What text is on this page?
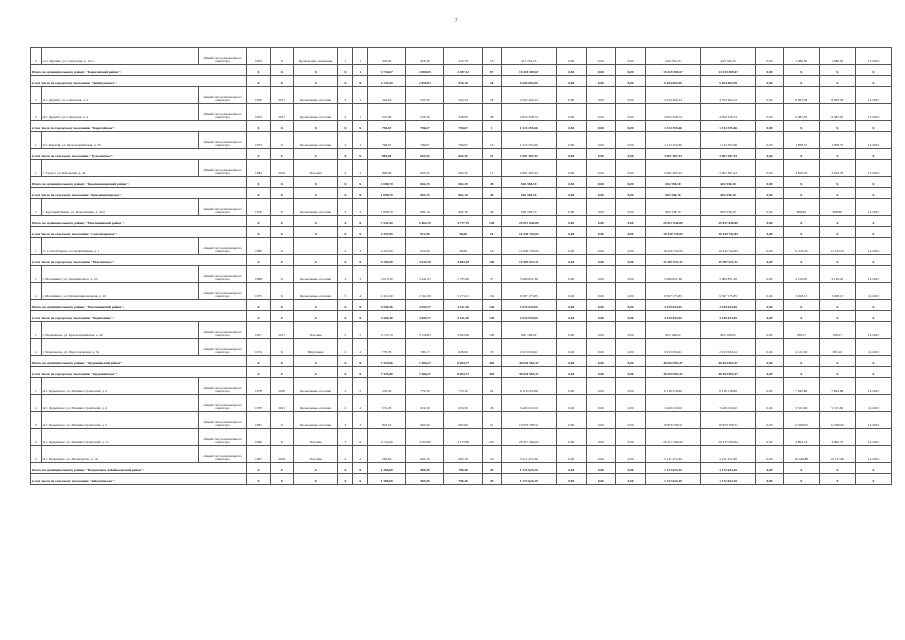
7
2	п.ст. Курашь, ул. Советская, д. 12 а	общий счет регионального оператора	1952	Х	Кровельные, шлаковые	1	1	403,00	418,38	410,78	16	413 763,25	0,00	0,00	0,00	443 761,25	443 761,25	0,00	1 080,50	1 080,50	12.2023
Итого по муниципальному району "Карагайский район":			Х	Х	Х	Х	1	2 736,67	2 868,05	2 287,12	67	13 419 309,67	0,00	0,00	0,00	13 419 309,67	13 419 309,67	0,00	Х	Х	Х
в том числе по городскому поселению "Двинсунского":			Х	Х	Х	Х	Х	2 147,00	2 059,03	976,10	18	9 204 603,99	0,00	0,00	0,00	9 204 603,99	9 204 603,99	0,00	Х	Х	Х
1	пгт. Дружба, ул. Советская, д. 2	общий счет регионального оператора	1959	2017	Кровельные, плоские	2	1	544,03	543,59	543,34	18	4 552 265,24	0,00	0,00	0,00	4 552 265,24	4 552 265,24	0,00	8 093,38	8 093,38	12.2023
2	пгт. Дружба, ул. Советская, д. 4	общий счет регионального оператора	1952	2017	Кровельные, плоские	2	1	501,90	533,39	436,00	28	4 652 338,74	0,00	0,00	0,00	4 652 338,74	4 652 338,74	0,00	9 487,03	9 487,03	12.2023
в том числе по городскому поселению "Карагайское":			Х	Х	Х	Х	Х	796,67	796,67	796,67	1	1 313 355,66	0,00	0,00	0,00	1 313 355,66	1 313 355,66	0,00	Х	Х	Х
1	пгт. Карагай, ул. Красноармейская, д. 25	общий счет регионального оператора	1973	Х	Кровельные, плоские	2	1	796,67	796,67	796,67	16	1 313 355,66	0,00	0,00	0,00	1 313 355,66	1 313 355,66	0,00	1 858,57	1 858,57	12.2023
в том числе по сельскому поселению "Тульсинское":			Х	Х	Х	Х	Х	883,00	603,55	603,35	11	2 901 387,43	0,00	0,00	0,00	2 901 387,43	2 901 387,43	0,00	Х	Х	Х
1	с. Тульса, ул. Школьная, д. 42	общий счет регионального оператора	1984	2016	Плоские	2	2	883,00	603,55	603,35	11	2 901 387,43	0,00	0,00	0,00	2 901 387,43	2 901 387,43	0,00	4 816,70	4 816,70	12.2023
Итого по муниципальному району "Красновишерский район":			Х	Х	Х	Х	Х	1 008,70	862,19	862,19	28	602 558,10	0,00	0,00	0,00	602 558,10	602 558,10	0,00	Х	Х	Х
в том числе по сельскому поселению "Красновишерское":			Х	Х	Х	Х	Х	1 008,70	862,19	862,19	28	602 558,10	0,00	0,00	0,00	602 558,10	602 558,10	0,00	Х	Х	Х
1	с. Красный Чилим, ул. Перелешина, д. 34 б	общий счет регионального оператора	1979	Х	Кровельные, плоские	2	3	1 008,70	862,19	862,19	28	602 558,10	0,00	0,00	0,00	602 558,10	602 558,10	0,00	698,86	698,86	12.2023
Итого по муниципальному району "Маслянинский район":			Х	Х	Х	Х	Х	7 541,90	5 464,70	4 777,79	126	25 817 640,89	0,00	0,00	0,00	25 817 640,89	25 817 640,89	0,00	Х	Х	Х
в том числе по сельскому поселению "Сонтобоярское":			Х	Х	Х	Х	Х	2 437,00	921,00	58,68	16	10 430 742,83	0,00	0,00	0,00	10 430 742,83	10 430 742,83	0,00	Х	Х	Х
1	ст. Сонтобоярово, пл. Рецептивная, д. 1	общий счет регионального оператора	1989	Х		2	3	2 437,00	921,00	58,68	16	10 430 742,83	0,00	0,00	0,00	10 430 742,83	10 430 742,83	0,00	11 325,35	11 325,35	12.2023
в том числе по городскому поселению "Маслянское":			Х	Х	Х	Х	Х	5 104,90	4 543,70	4 084,10	156	15 387 027,21	0,00	0,00	0,00	15 387 027,21	15 387 027,21	0,00	Х	Х	Х
1	г. Маслянино, ул. Дзержинского, д. 23	общий счет регионального оператора	1988	Х	Кровельные, плоские	3	3	3 012,30	3 441,47	1 735,90	57	5 989 851,36	0,00	0,00	0,00	5 989 851,36	5 989 851,36	0,00	4 156,45	4 156,45	12.2023
2	г. Маслянино, ул. Интернациональная, д. 10	общий счет регионального оператора	1975	Х	Кровельные, плоские	5	4	2 412,90	2 102,30	3 173,21	132	9 397 175,85	0,00	0,00	0,00	9 397 175,85	9 397 175,85	0,00	3 028,13	3 028,13	12.2023
Итого по муниципальному району "Маслянинский район":			Х	Х	Х	Х	Х	4 506,46	4 559,77	3 321,30	145	3 519 033,05	0,00	0,00	0,00	3 519 033,05	3 519 033,05	0,00	Х	Х	Х
в том числе по городскому поселению "Черепаново":			Х	Х	Х	Х	Х	4 506,46	3 659,77	3 321,30	145	3 519 033,05	0,00	0,00	0,00	3 519 033,05	3 519 033,05	0,00	Х	Х	Х
1	г. Черепаново, ул. Красноармейская, д. 40	общий счет регионального оператора	1957	2017	Плоские	5	5	3 725,79	3 158,83	2 693,96	128	605 108,02	0,00	0,00	0,00	605 108,02	605 108,02	0,00	188,27	188,27	12.2023
2	г. Черепаново, ул. Пирогоковская, д. 54	общий счет регионального оператора	1974	Х	Пирогокие	2	2	779,70	790,17	628,00	35	2 913 634,61	0,00	0,00	0,00	2 913 634,61	2 913 634,61	0,00	4 125,30	581,26	12.2023
Итого по муниципальному району "Ордынинский район":			Х	Х	Х	Х	Х	7 325,86	7 206,27	6 994,77	403	46 054 903,37	0,00	0,00	0,00	46 054 903,37	46 054 903,37	0,00	Х	Х	Х
в том числе по городскому поселению "Ордынинское":			Х	Х	Х	Х	Х	7 325,86	7 206,27	6 994,77	403	46 054 903,37	0,00	0,00	0,00	46 054 903,37	46 054 903,37	0,00	Х	Х	Х
1	пгт. Ордынское, ул. Машиностроителей, д. 3	общий счет регионального оператора	1978	2020	Кровельные, плоские	2	2	576,30	779,30	779,30	24	6 118 518,86	0,00	0,00	0,00	6 118 518,86	6 118 518,86	0,00	7 843,86	7 843,86	12.2023
2	пгт. Ордынское, ул. Машиностроителей, д. 4	общий счет регионального оператора	1978	2021	Кровельные, плоские	2	2	572,20	619,39	619,39	29	3 426 219,20	0,00	0,00	0,00	3 426 219,20	3 426 219,20	0,00	5 515,69	5 515,69	12.2023
3	пгт. Ордынское, ул. Машиностроителей, д. 5	общий счет регионального оператора	1981	Х	Кровельные, плоские	3	3	823,10	965,90	965,90	51	10 879 769,51	0,00	0,00	0,00	10 879 769,51	10 879 769,51	0,00	11 996,65	11 996,65	12.2023
4	пгт. Ордынское, ул. Машиностроителей, д. 7а	общий счет регионального оператора	1990	Х	Плоские	3	6	4 722,60	4 103,90	4 173,89	247	20 417 284,64	0,00	0,00	0,00	20 417 284,64	20 417 284,64	0,00	4 892,74	4 892,74	12.2023
5	пгт. Ордынское, ул. Мелиоратов, д. 16	общий счет регионального оператора	1967	2020	Плоские	2	2	584,00	695,18	695,18	19	5 211 271,96	0,00	0,00	0,00	5 211 271,96	5 211 271,96	0,00	10 548,88	10 127,80	12.2023
Итого по муниципальному району "Петропавло-Забайкальский район":			Х	Х	Х	Х	Х	1 306,00	905,50	790,40	29	1 172 623,29	0,00	0,00	0,00	1 172 623,29	1 172 623,29	0,00	Х	Х	Х
в том числе по сельскому поселению "Заблотинское":			Х	Х	Х	Х	Х	1 306,00	905,90	790,40	29	1 172 623,29	0,00	0,00	0,00	1 172 623,29	1 172 623,29	0,00	Х	Х	Х
